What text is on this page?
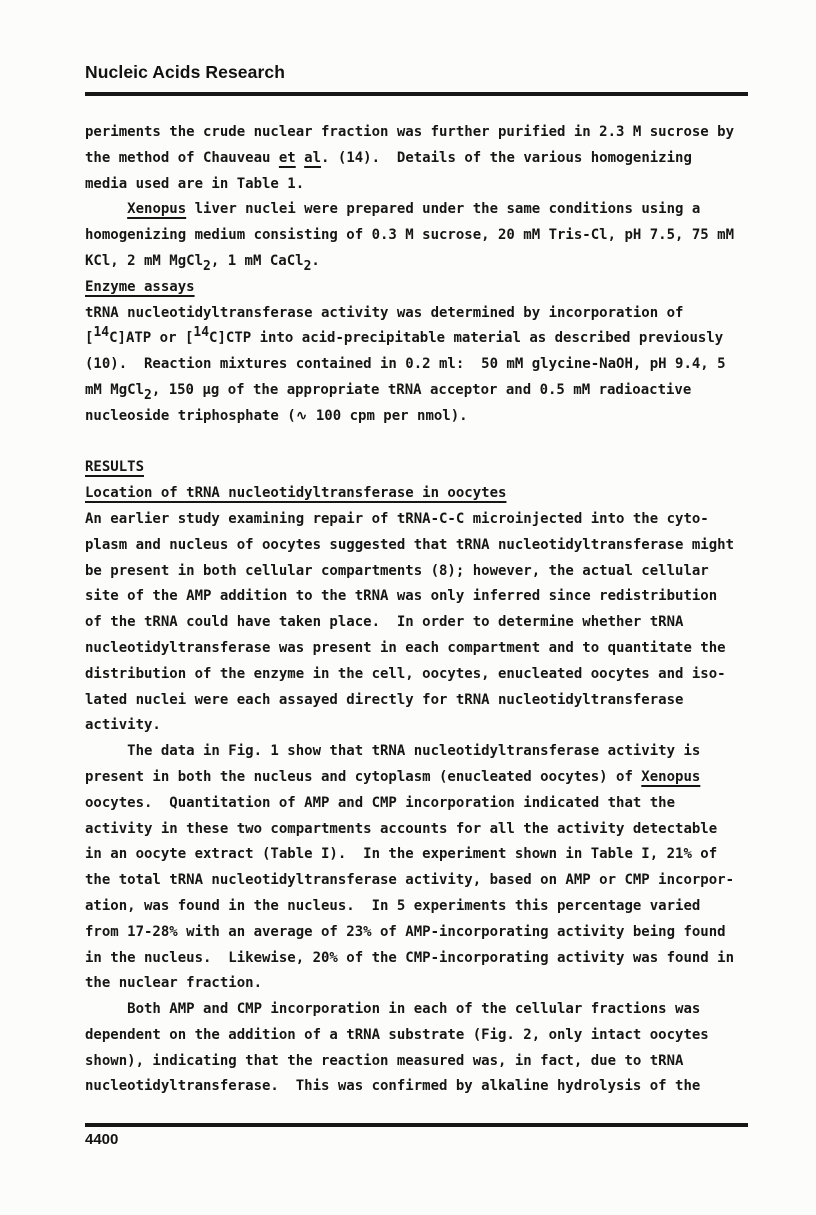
Nucleic Acids Research

periments the crude nuclear fraction was further purified in 2.3 M sucrose by

the method of Chauveau et al. (14).  Details of the various homogenizing

media used are in Table 1.

Xenopus liver nuclei were prepared under the same conditions using a

homogenizing medium consisting of 0.3 M sucrose, 20 mM Tris-Cl, pH 7.5, 75 mM

KCl, 2 mM MgCl2, 1 mM CaCl2.

Enzyme assays

tRNA nucleotidyltransferase activity was determined by incorporation of

[14C]ATP or [14C]CTP into acid-precipitable material as described previously

(10).  Reaction mixtures contained in 0.2 ml:  50 mM glycine-NaOH, pH 9.4, 5

mM MgCl2, 150 μg of the appropriate tRNA acceptor and 0.5 mM radioactive

nucleoside triphosphate (∿ 100 cpm per nmol).

RESULTS

Location of tRNA nucleotidyltransferase in oocytes

An earlier study examining repair of tRNA-C-C microinjected into the cyto-

plasm and nucleus of oocytes suggested that tRNA nucleotidyltransferase might

be present in both cellular compartments (8); however, the actual cellular

site of the AMP addition to the tRNA was only inferred since redistribution

of the tRNA could have taken place.  In order to determine whether tRNA

nucleotidyltransferase was present in each compartment and to quantitate the

distribution of the enzyme in the cell, oocytes, enucleated oocytes and iso-

lated nuclei were each assayed directly for tRNA nucleotidyltransferase

activity.

The data in Fig. 1 show that tRNA nucleotidyltransferase activity is

present in both the nucleus and cytoplasm (enucleated oocytes) of Xenopus

oocytes.  Quantitation of AMP and CMP incorporation indicated that the

activity in these two compartments accounts for all the activity detectable

in an oocyte extract (Table I).  In the experiment shown in Table I, 21% of

the total tRNA nucleotidyltransferase activity, based on AMP or CMP incorpor-

ation, was found in the nucleus.  In 5 experiments this percentage varied

from 17-28% with an average of 23% of AMP-incorporating activity being found

in the nucleus.  Likewise, 20% of the CMP-incorporating activity was found in

the nuclear fraction.

Both AMP and CMP incorporation in each of the cellular fractions was

dependent on the addition of a tRNA substrate (Fig. 2, only intact oocytes

shown), indicating that the reaction measured was, in fact, due to tRNA

nucleotidyltransferase.  This was confirmed by alkaline hydrolysis of the

4400
